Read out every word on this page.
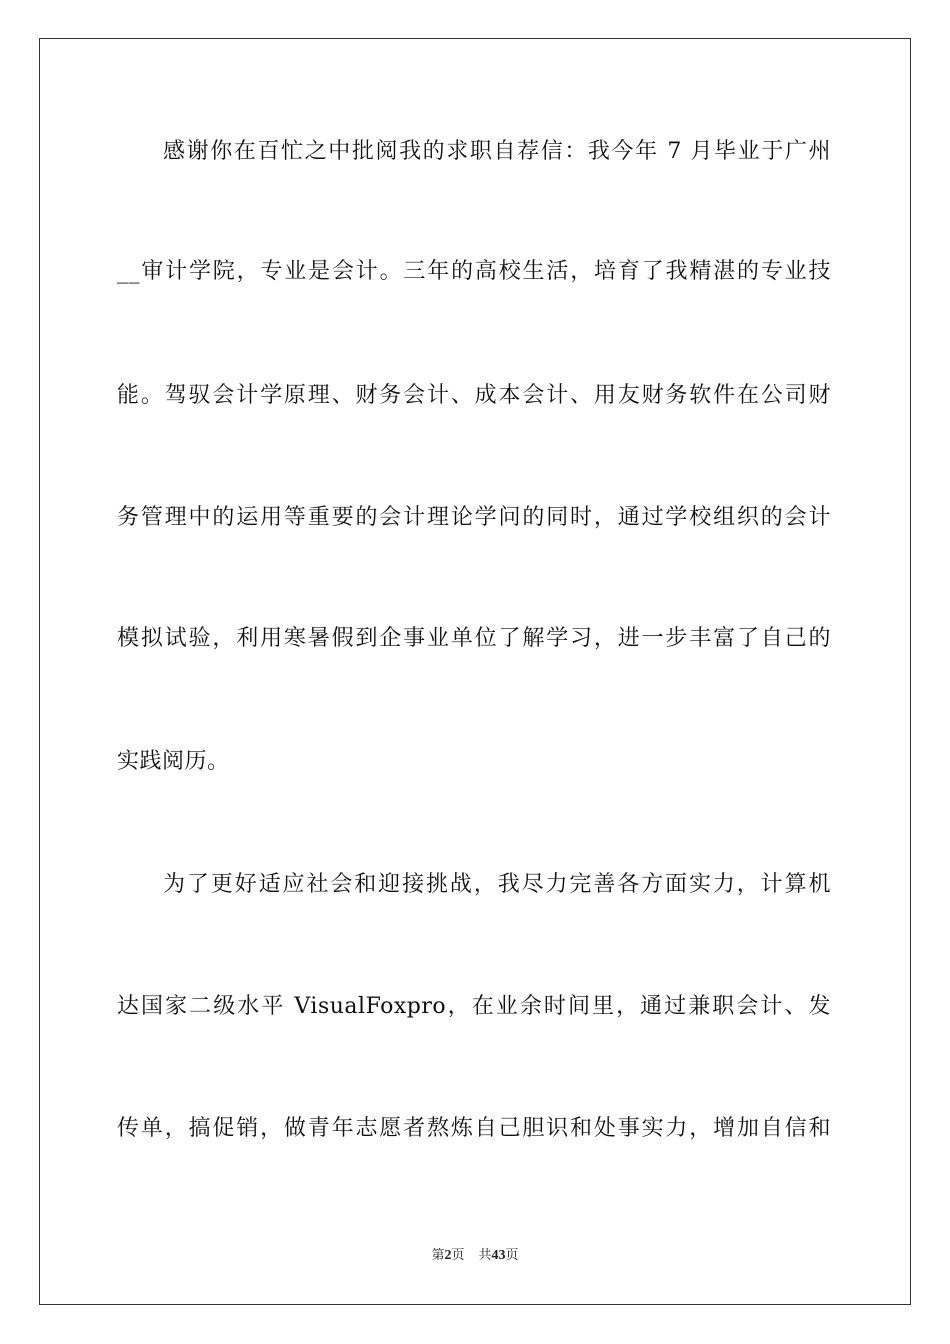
感谢你在百忙之中批阅我的求职自荐信：我今年 7 月毕业于广州
__审计学院，专业是会计。三年的高校生活，培育了我精湛的专业技
能。驾驭会计学原理、财务会计、成本会计、用友财务软件在公司财
务管理中的运用等重要的会计理论学问的同时，通过学校组织的会计
模拟试验，利用寒暑假到企事业单位了解学习，进一步丰富了自己的
实践阅历。
为了更好适应社会和迎接挑战，我尽力完善各方面实力，计算机
达国家二级水平 VisualFoxpro，在业余时间里，通过兼职会计、发
传单，搞促销，做青年志愿者熬炼自己胆识和处事实力，增加自信和
第2页 共43页
